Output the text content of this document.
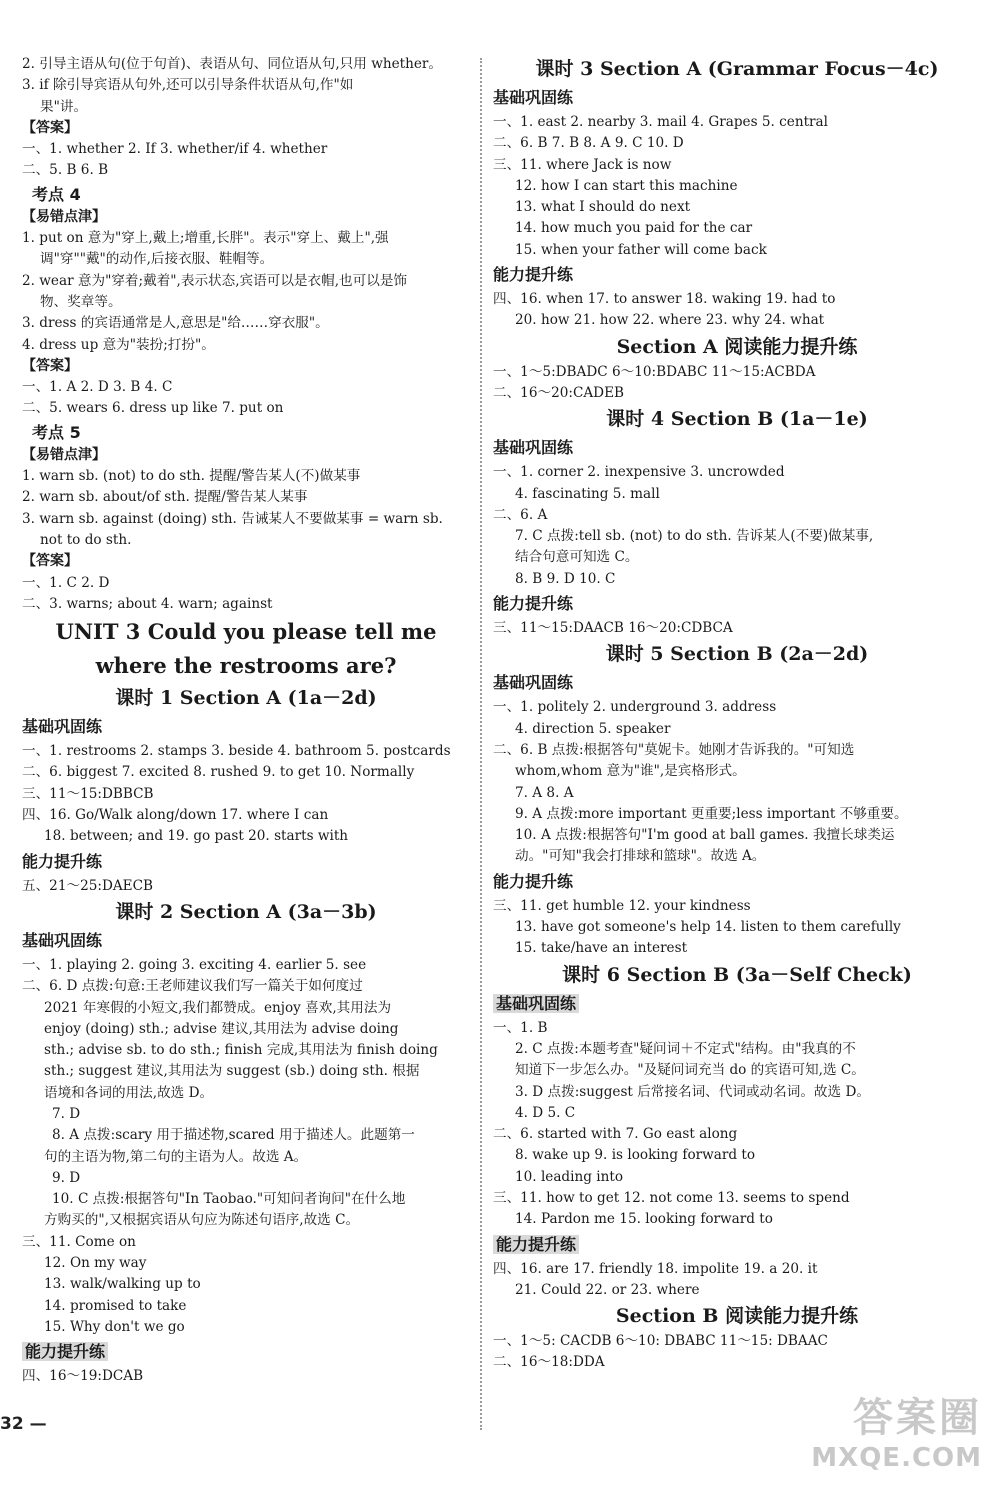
2. 引导主语从句(位于句首)、表语从句、同位语从句,只用 whether。
3. if 除引导宾语从句外,还可以引导条件状语从句,作"如
果"讲。
【答案】
一、1. whether 2. If 3. whether/if 4. whether
二、5. B 6. B
考点 4
【易错点津】
1. put on 意为"穿上,戴上;增重,长胖"。表示"穿上、戴上",强
调"穿""戴"的动作,后接衣服、鞋帽等。
2. wear 意为"穿着;戴着",表示状态,宾语可以是衣帽,也可以是饰
物、奖章等。
3. dress 的宾语通常是人,意思是"给……穿衣服"。
4. dress up 意为"装扮;打扮"。
【答案】
一、1. A 2. D 3. B 4. C
二、5. wears 6. dress up like 7. put on
考点 5
【易错点津】
1. warn sb. (not) to do sth. 提醒/警告某人(不)做某事
2. warn sb. about/of sth. 提醒/警告某人某事
3. warn sb. against (doing) sth. 告诫某人不要做某事 = warn sb.
not to do sth.
【答案】
一、1. C 2. D
二、3. warns; about 4. warn; against
UNIT 3 Could you please tell me
where the restrooms are?
课时 1 Section A (1a－2d)
基础巩固练
一、1. restrooms 2. stamps 3. beside 4. bathroom 5. postcards
二、6. biggest 7. excited 8. rushed 9. to get 10. Normally
三、11～15:DBBCB
四、16. Go/Walk along/down 17. where I can
18. between; and 19. go past 20. starts with
能力提升练
五、21～25:DAECB
课时 2 Section A (3a－3b)
基础巩固练
一、1. playing 2. going 3. exciting 4. earlier 5. see
二、6. D 点拨:句意:王老师建议我们写一篇关于如何度过
2021 年寒假的小短文,我们都赞成。enjoy 喜欢,其用法为
enjoy (doing) sth.; advise 建议,其用法为 advise doing
sth.; advise sb. to do sth.; finish 完成,其用法为 finish doing
sth.; suggest 建议,其用法为 suggest (sb.) doing sth. 根据
语境和各词的用法,故选 D。
7. D
8. A 点拨:scary 用于描述物,scared 用于描述人。此题第一
句的主语为物,第二句的主语为人。故选 A。
9. D
10. C 点拨:根据答句"In Taobao."可知问者询问"在什么地
方购买的",又根据宾语从句应为陈述句语序,故选 C。
三、11. Come on
12. On my way
13. walk/walking up to
14. promised to take
15. Why don't we go
能力提升练
四、16～19:DCAB
课时 3 Section A (Grammar Focus－4c)
基础巩固练
一、1. east 2. nearby 3. mail 4. Grapes 5. central
二、6. B 7. B 8. A 9. C 10. D
三、11. where Jack is now
12. how I can start this machine
13. what I should do next
14. how much you paid for the car
15. when your father will come back
能力提升练
四、16. when 17. to answer 18. waking 19. had to
20. how 21. how 22. where 23. why 24. what
Section A 阅读能力提升练
一、1～5:DBADC 6～10:BDABC 11～15:ACBDA
二、16～20:CADEB
课时 4 Section B (1a－1e)
基础巩固练
一、1. corner 2. inexpensive 3. uncrowded
4. fascinating 5. mall
二、6. A
7. C 点拨:tell sb. (not) to do sth. 告诉某人(不要)做某事,
结合句意可知选 C。
8. B 9. D 10. C
能力提升练
三、11～15:DAACB 16～20:CDBCA
课时 5 Section B (2a－2d)
基础巩固练
一、1. politely 2. underground 3. address
4. direction 5. speaker
二、6. B 点拨:根据答句"莫妮卡。她刚才告诉我的。"可知选
whom,whom 意为"谁",是宾格形式。
7. A 8. A
9. A 点拨:more important 更重要;less important 不够重要。
10. A 点拨:根据答句"I'm good at ball games. 我擅长球类运
动。"可知"我会打排球和篮球"。故选 A。
能力提升练
三、11. get humble 12. your kindness
13. have got someone's help 14. listen to them carefully
15. take/have an interest
课时 6 Section B (3a－Self Check)
基础巩固练
一、1. B
2. C 点拨:本题考查"疑问词＋不定式"结构。由"我真的不
知道下一步怎么办。"及疑问词充当 do 的宾语可知,选 C。
3. D 点拨:suggest 后常接名词、代词或动名词。故选 D。
4. D 5. C
二、6. started with 7. Go east along
8. wake up 9. is looking forward to
10. leading into
三、11. how to get 12. not come 13. seems to spend
14. Pardon me 15. looking forward to
能力提升练
四、16. are 17. friendly 18. impolite 19. a 20. it
21. Could 22. or 23. where
Section B 阅读能力提升练
一、1～5: CACDB 6～10: DBABC 11～15: DBAAC
二、16～18:DDA
32 —	答案圈
MXQE.COM
